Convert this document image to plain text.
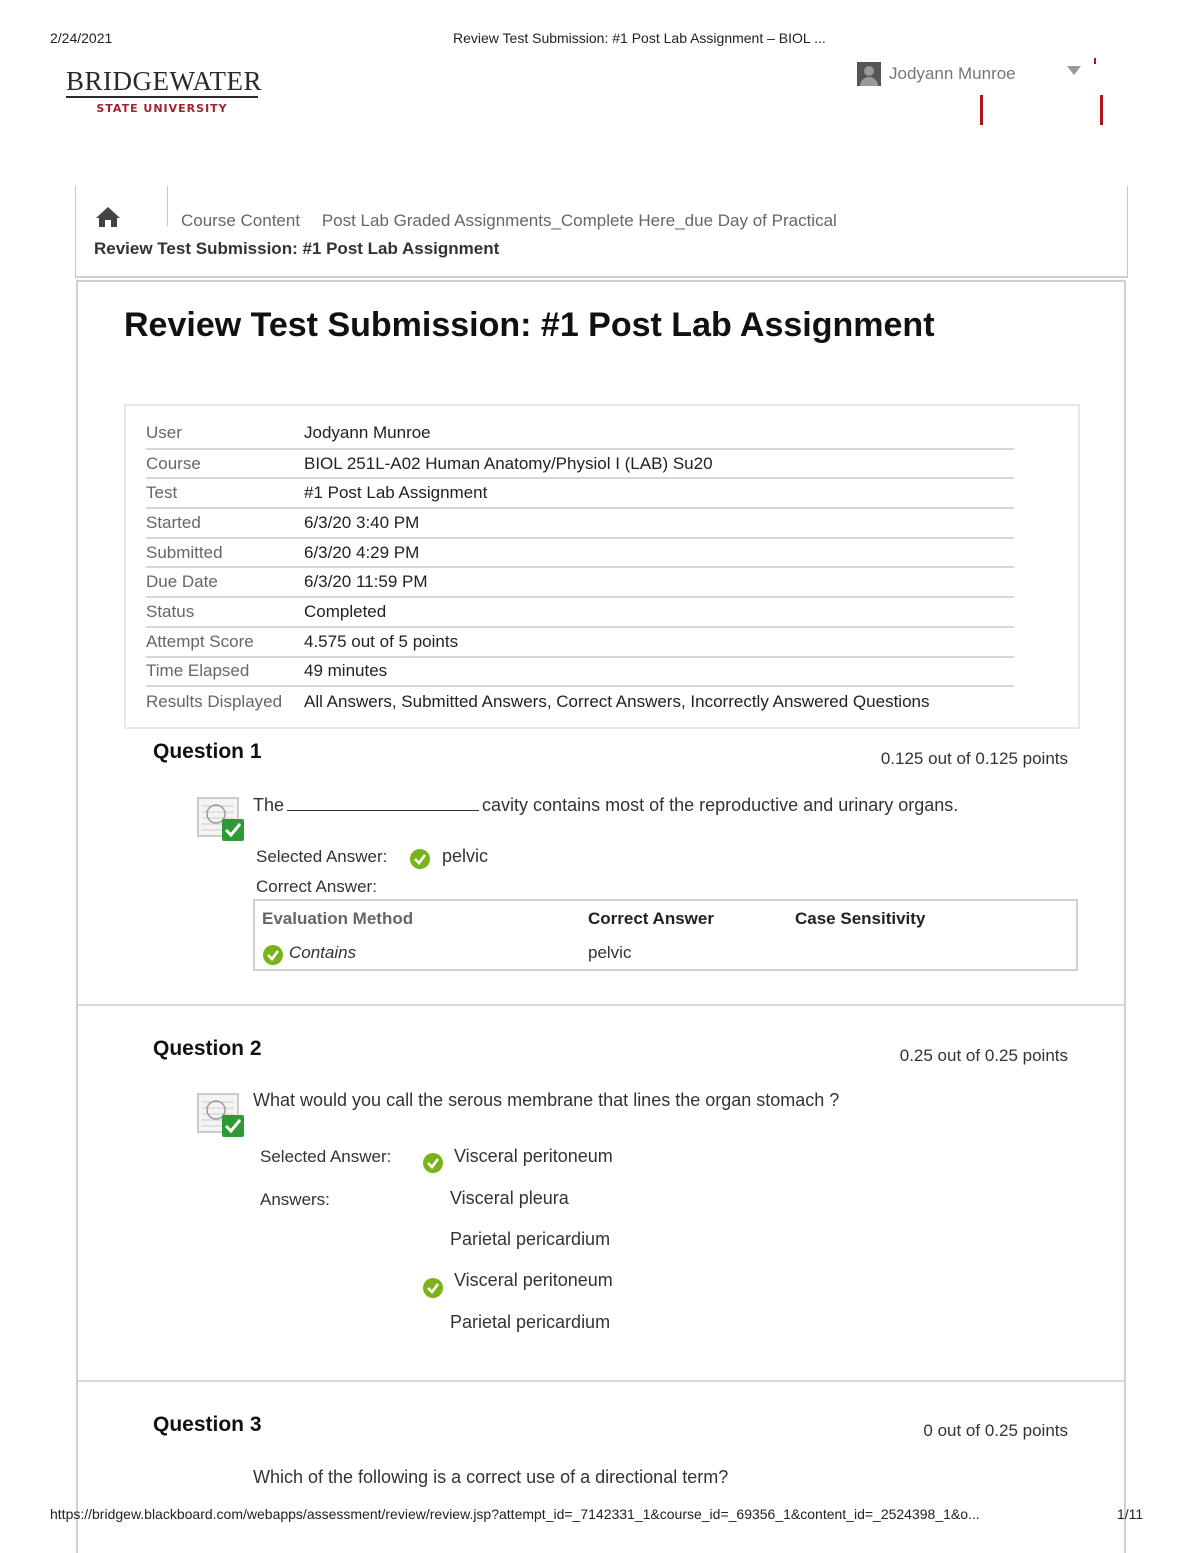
2/24/2021	Review Test Submission: #1 Post Lab Assignment – BIOL ...
BRIDGEWATER
STATE UNIVERSITY
Jodyann Munroe
Course Content Post Lab Graded Assignments_Complete Here_due Day of Practical
Review Test Submission: #1 Post Lab Assignment
Review Test Submission: #1 Post Lab Assignment
User	Jodyann Munroe
Course	BIOL 251L-A02 Human Anatomy/Physiol I (LAB) Su20
Test	#1 Post Lab Assignment
Started	6/3/20 3:40 PM
Submitted	6/3/20 4:29 PM
Due Date	6/3/20 11:59 PM
Status	Completed
Attempt Score	4.575 out of 5 points
Time Elapsed	49 minutes
Results Displayed	All Answers, Submitted Answers, Correct Answers, Incorrectly Answered Questions
Question 1	0.125 out of 0.125 points
The	cavity contains most of the reproductive and urinary organs.
Selected Answer:	pelvic
Correct Answer:
Evaluation Method	Correct Answer	Case Sensitivity
Contains	pelvic
Question 2	0.25 out of 0.25 points
What would you call the serous membrane that lines the organ stomach ?
Selected Answer:	Visceral peritoneum
Answers:	Visceral pleura
Parietal pericardium
Visceral peritoneum
Parietal pericardium
Question 3	0 out of 0.25 points
Which of the following is a correct use of a directional term?
https://bridgew.blackboard.com/webapps/assessment/review/review.jsp?attempt_id=_7142331_1&course_id=_69356_1&content_id=_2524398_1&o...	1/11
